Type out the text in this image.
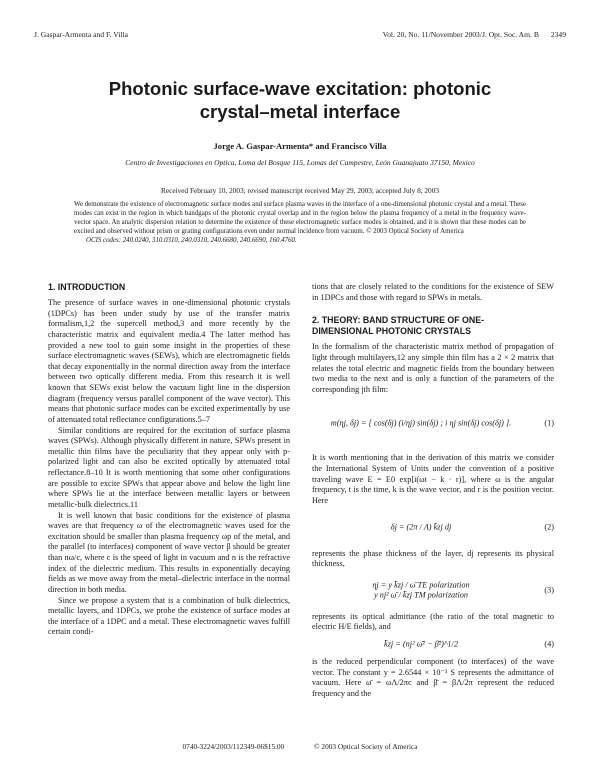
J. Gaspar-Armenta and F. Villa	Vol. 20, No. 11/November 2003/J. Opt. Soc. Am. B 2349
Photonic surface-wave excitation: photonic
crystal–metal interface
Jorge A. Gaspar-Armenta* and Francisco Villa
Centro de Investigaciones en Optica, Loma del Bosque 115, Lomas del Campestre, León Guanajuato 37150, Mexico
Received February 10, 2003; revised manuscript received May 29, 2003; accepted July 8, 2003
We demonstrate the existence of electromagnetic surface modes and surface plasma waves in the interface of a one-dimensional photonic crystal and a metal. These modes can exist in the region in which bandgaps of the photonic crystal overlap and in the region below the plasma frequency of a metal in the frequency wave-vector space. An analytic dispersion relation to determine the existence of these electromagnetic surface modes is obtained, and it is shown that these modes can be excited and observed without prism or grating configurations even under normal incidence from vacuum. © 2003 Optical Society of America
OCIS codes: 240.0240, 310.0310, 240.0310, 240.6680, 240.6690, 160.4760.
1. INTRODUCTION

The presence of surface waves in one-dimensional photonic crystals (1DPCs) has been under study by use of the transfer matrix formalism,1,2 the supercell method,3 and more recently by the characteristic matrix and equivalent media.4 The latter method has provided a new tool to gain some insight in the properties of these surface electromagnetic waves (SEWs), which are electromagnetic fields that decay exponentially in the normal direction away from the interface between two optically different media. From this research it is well known that SEWs exist below the vacuum light line in the dispersion diagram (frequency versus parallel component of the wave vector). This means that photonic surface modes can be excited experimentally by use of attenuated total reflectance configurations.5–7

Similar conditions are required for the excitation of surface plasma waves (SPWs). Although physically different in nature, SPWs present in metallic thin films have the peculiarity that they appear only with p-polarized light and can also be excited optically by attenuated total reflectance.8–10 It is worth mentioning that some other configurations are possible to excite SPWs that appear above and below the light line where SPWs lie at the interface between metallic layers or between metallic-bulk dielectrics.11

It is well known that basic conditions for the existence of plasma waves are that frequency ω of the electromagnetic waves used for the excitation should be smaller than plasma frequency ωp of the metal, and the parallel (to interfaces) component of wave vector β should be greater than nω/c, where c is the speed of light in vacuum and n is the refractive index of the dielectric medium. This results in exponentially decaying fields as we move away from the metal–dielectric interface in the normal direction in both media.

Since we propose a system that is a combination of bulk dielectrics, metallic layers, and 1DPCs, we probe the existence of surface modes at the interface of a 1DPC and a metal. These electromagnetic waves fulfill certain condi-

tions that are closely related to the conditions for the existence of SEW in 1DPCs and those with regard to SPWs in metals.

2. THEORY: BAND STRUCTURE OF ONE-
DIMENSIONAL PHOTONIC CRYSTALS

In the formalism of the characteristic matrix method of propagation of light through multilayers,12 any simple thin film has a 2 × 2 matrix that relates the total electric and magnetic fields from the boundary between two media to the next and is only a function of the parameters of the corresponding jth film:

m(ηj, δj) = [ cos(δj) (i/ηj) sin(δj) ; i ηj sin(δj) cos(δj) ].	(1)

It is worth mentioning that in the derivation of this matrix we consider the International System of Units under the convention of a positive traveling wave E = E0 exp[i(ωt − k · r)], where ω is the angular frequency, t is the time, k is the wave vector, and r is the position vector. Here

δj = (2π / Λ) k̄zj dj	(2)

represents the phase thickness of the layer, dj represents its physical thickness,

ηj = y k̄zj / ω̄ TE polarization
y nj² ω̄ / k̄zj TM polarization
(3)

represents its optical admittance (the ratio of the total magnetic to electric H/E fields), and

k̄zj = (nj² ω̄² − β̄²)^1/2	(4)

is the reduced perpendicular component (to interfaces) of the wave vector. The constant y = 2.6544 × 10⁻³ S represents the admittance of vacuum. Here ω̄ = ωΛ/2πc and β̄ = βΛ/2π represent the reduced frequency and the

0740-3224/2003/112349-06$15.00	© 2003 Optical Society of America
